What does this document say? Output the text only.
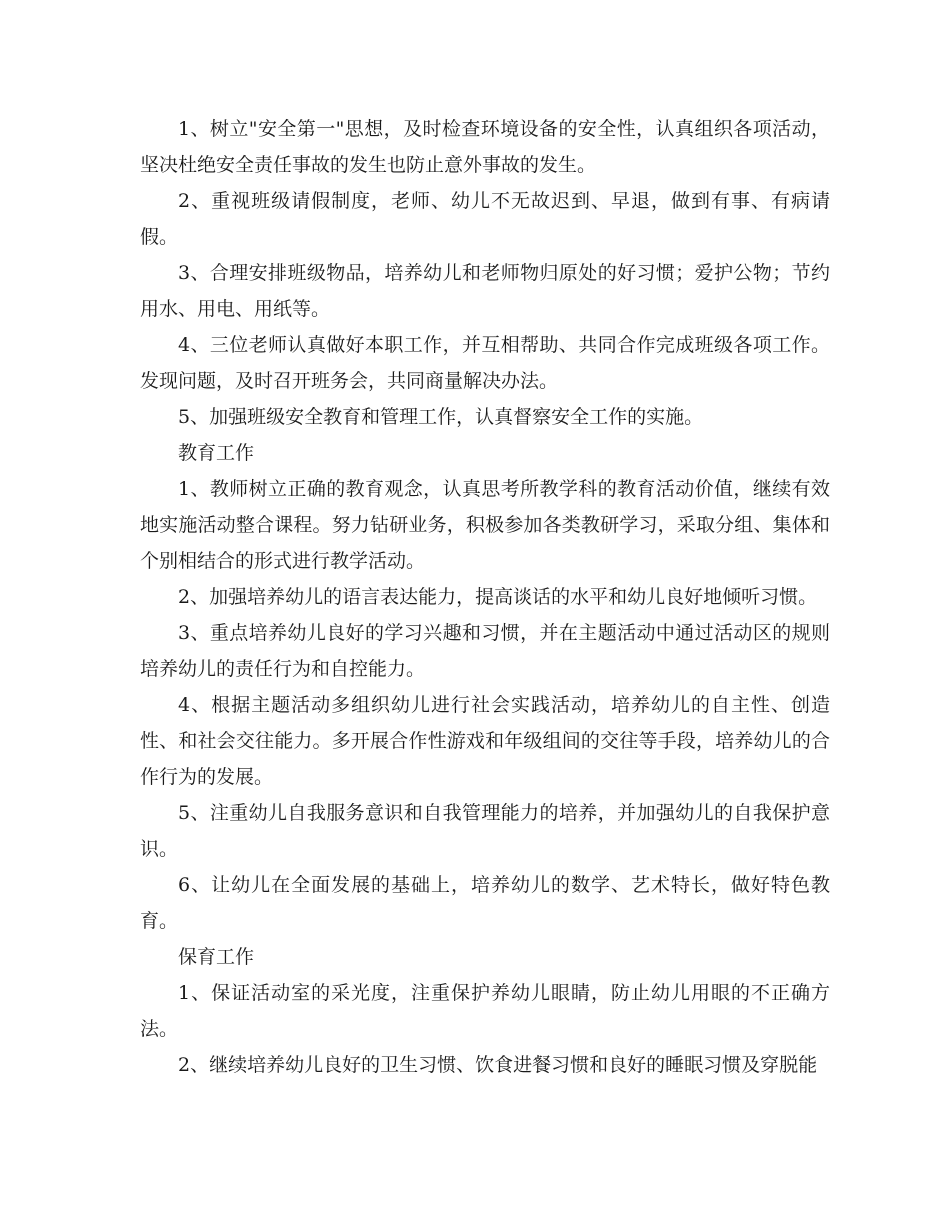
1、树立"安全第一"思想，及时检查环境设备的安全性，认真组织各项活动，坚决杜绝安全责任事故的发生也防止意外事故的发生。

2、重视班级请假制度，老师、幼儿不无故迟到、早退，做到有事、有病请假。

3、合理安排班级物品，培养幼儿和老师物归原处的好习惯；爱护公物；节约用水、用电、用纸等。

4、三位老师认真做好本职工作，并互相帮助、共同合作完成班级各项工作。发现问题，及时召开班务会，共同商量解决办法。

5、加强班级安全教育和管理工作，认真督察安全工作的实施。

教育工作

1、教师树立正确的教育观念，认真思考所教学科的教育活动价值，继续有效地实施活动整合课程。努力钻研业务，积极参加各类教研学习，采取分组、集体和个别相结合的形式进行教学活动。

2、加强培养幼儿的语言表达能力，提高谈话的水平和幼儿良好地倾听习惯。

3、重点培养幼儿良好的学习兴趣和习惯，并在主题活动中通过活动区的规则培养幼儿的责任行为和自控能力。

4、根据主题活动多组织幼儿进行社会实践活动，培养幼儿的自主性、创造性、和社会交往能力。多开展合作性游戏和年级组间的交往等手段，培养幼儿的合作行为的发展。

5、注重幼儿自我服务意识和自我管理能力的培养，并加强幼儿的自我保护意识。

6、让幼儿在全面发展的基础上，培养幼儿的数学、艺术特长，做好特色教育。

保育工作

1、保证活动室的采光度，注重保护养幼儿眼睛，防止幼儿用眼的不正确方法。

2、继续培养幼儿良好的卫生习惯、饮食进餐习惯和良好的睡眠习惯及穿脱能
